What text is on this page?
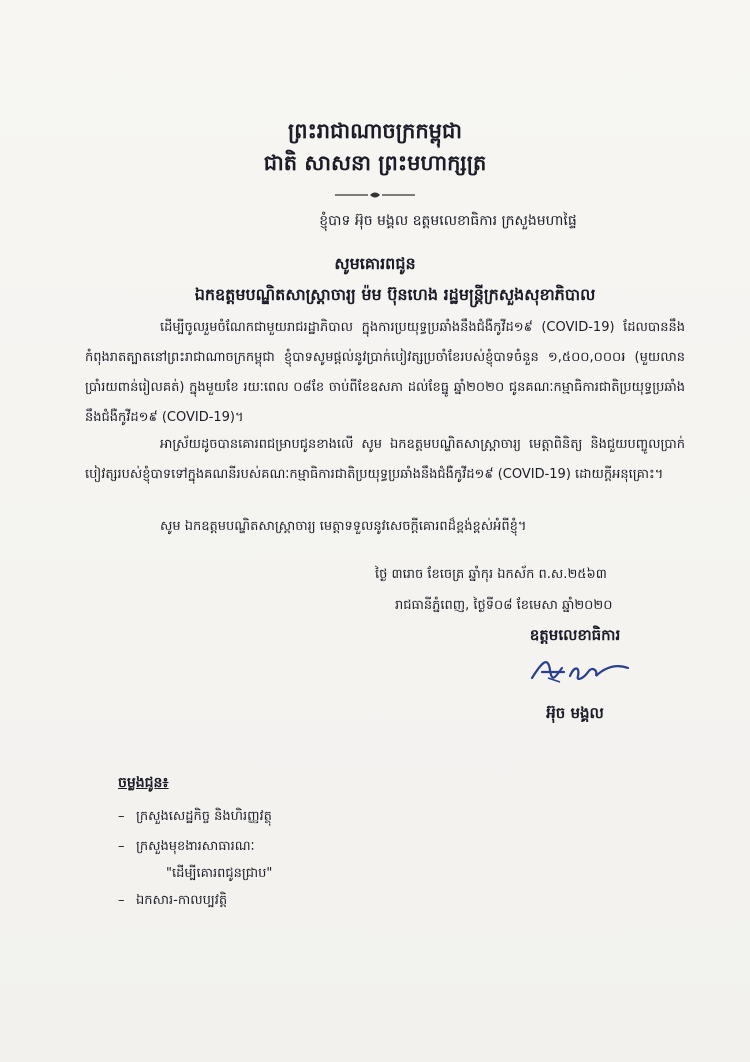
ព្រះរាជាណាចក្រកម្ពុជា
ជាតិ សាសនា ព្រះមហាក្សត្រ
ខ្ញុំបាទ អ៊ុច មង្គល ឧត្តមលេខាធិការ ក្រសួងមហាផ្ទៃ
សូមគោរពជូន
ឯកឧត្តមបណ្ឌិតសាស្ត្រាចារ្យ ម៉ម ប៊ុនហេង រដ្ឋមន្ត្រីក្រសួងសុខាភិបាល
ដើម្បីចូលរួមចំណែកជាមួយរាជរដ្ឋាភិបាល ក្នុងការប្រយុទ្ធប្រឆាំងនឹងជំងឺកូវីដ១៩ (COVID-19) ដែលបាននឹងកំពុងរាតត្បាតនៅព្រះរាជាណាចក្រកម្ពុជា ខ្ញុំបាទសូមផ្តល់នូវប្រាក់បៀវត្សប្រចាំខែរបស់ខ្ញុំបាទចំនួន ១,៥០០,០០០៛ (មួយលានប្រាំរយពាន់រៀលគត់) ក្នុងមួយខែ រយៈពេល ០៨ខែ ចាប់ពីខែឧសភា ដល់ខែធ្នូ ឆ្នាំ២០២០ ជូនគណៈកម្មាធិការជាតិប្រយុទ្ធប្រឆាំងនឹងជំងឺកូវីដ១៩ (COVID-19)។
អាស្រ័យដូចបានគោរពជម្រាបជូនខាងលើ សូម ឯកឧត្តមបណ្ឌិតសាស្ត្រាចារ្យ មេត្តាពិនិត្យ និងជួយបញ្ចូលប្រាក់បៀវត្សរបស់ខ្ញុំបាទទៅក្នុងគណនីរបស់គណៈកម្មាធិការជាតិប្រយុទ្ធប្រឆាំងនឹងជំងឺកូវីដ១៩ (COVID-19) ដោយក្តីអនុគ្រោះ។
សូម ឯកឧត្តមបណ្ឌិតសាស្ត្រាចារ្យ មេត្តាទទួលនូវសេចក្តីគោរពដ៏ខ្ពង់ខ្ពស់អំពីខ្ញុំ។
ថ្ងៃ ៣រោច ខែចេត្រ ឆ្នាំកុរ ឯកស័ក ព.ស.២៥៦៣
រាជធានីភ្នំពេញ, ថ្ងៃទី០៨ ខែមេសា ឆ្នាំ២០២០
ឧត្តមលេខាធិការ
អ៊ុច មង្គល
ចម្លងជូន៖
– ក្រសួងសេដ្ឋកិច្ច និងហិរញ្ញវត្ថុ
– ក្រសួងមុខងារសាធារណៈ
"ដើម្បីគោរពជូនជ្រាប"
– ឯកសារ-កាលប្បវត្តិ
